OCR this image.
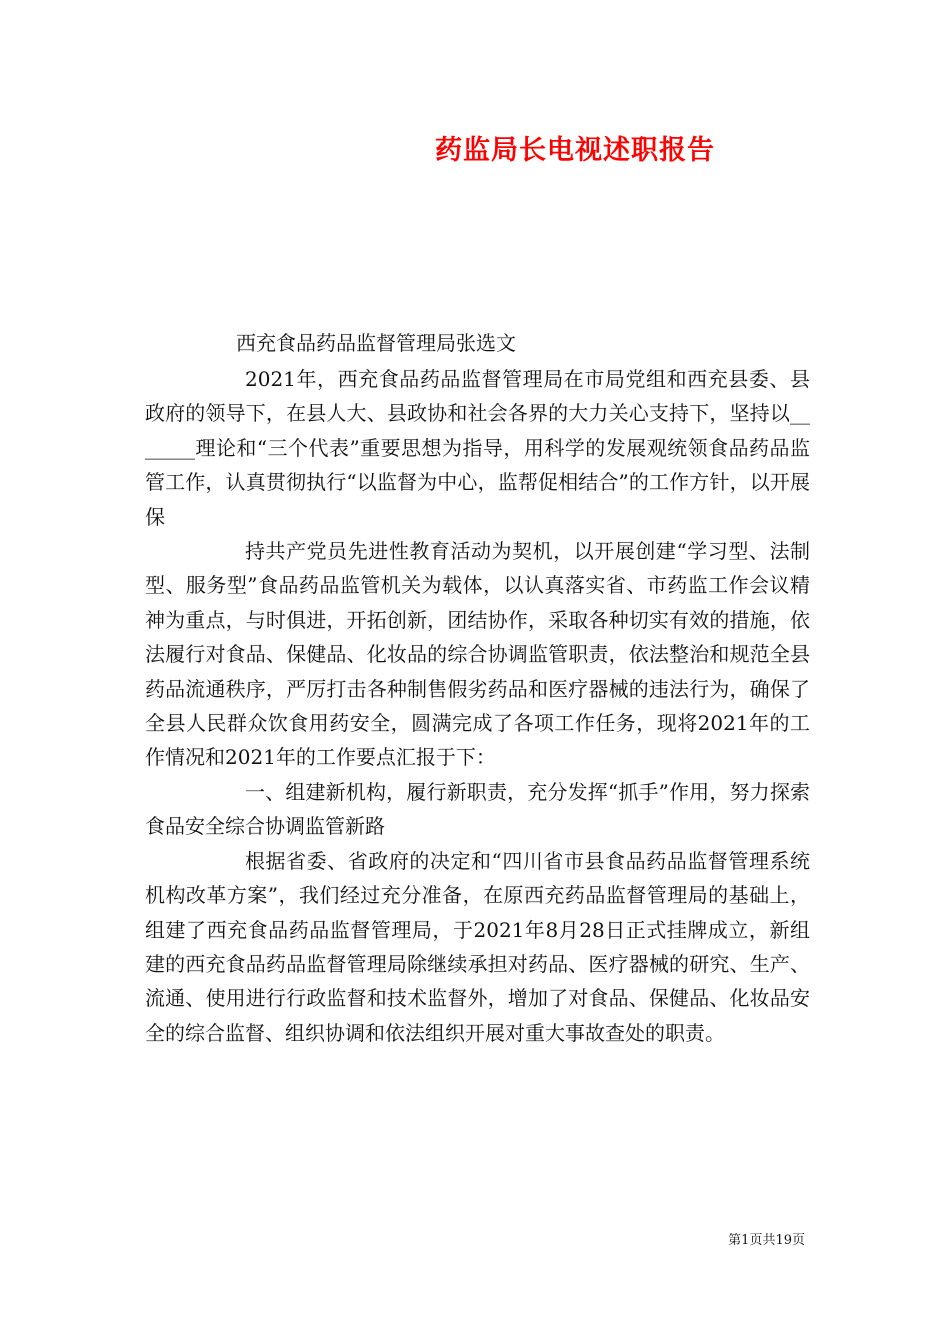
药监局长电视述职报告

西充食品药品监督管理局张选文

2021年，西充食品药品监督管理局在市局党组和西充县委、县政府的领导下，在县人大、县政协和社会各界的大力关心支持下，坚持以_______理论和“三个代表”重要思想为指导，用科学的发展观统领食品药品监管工作，认真贯彻执行“以监督为中心，监帮促相结合”的工作方针，以开展保

持共产党员先进性教育活动为契机，以开展创建“学习型、法制型、服务型”食品药品监管机关为载体，以认真落实省、市药监工作会议精神为重点，与时俱进，开拓创新，团结协作，采取各种切实有效的措施，依法履行对食品、保健品、化妆品的综合协调监管职责，依法整治和规范全县药品流通秩序，严厉打击各种制售假劣药品和医疗器械的违法行为，确保了全县人民群众饮食用药安全，圆满完成了各项工作任务，现将2021年的工作情况和2021年的工作要点汇报于下：

一、组建新机构，履行新职责，充分发挥“抓手”作用，努力探索食品安全综合协调监管新路

根据省委、省政府的决定和“四川省市县食品药品监督管理系统机构改革方案”，我们经过充分准备，在原西充药品监督管理局的基础上，组建了西充食品药品监督管理局，于2021年8月28日正式挂牌成立，新组建的西充食品药品监督管理局除继续承担对药品、医疗器械的研究、生产、流通、使用进行行政监督和技术监督外，增加了对食品、保健品、化妆品安全的综合监督、组织协调和依法组织开展对重大事故查处的职责。

第1页共19页
